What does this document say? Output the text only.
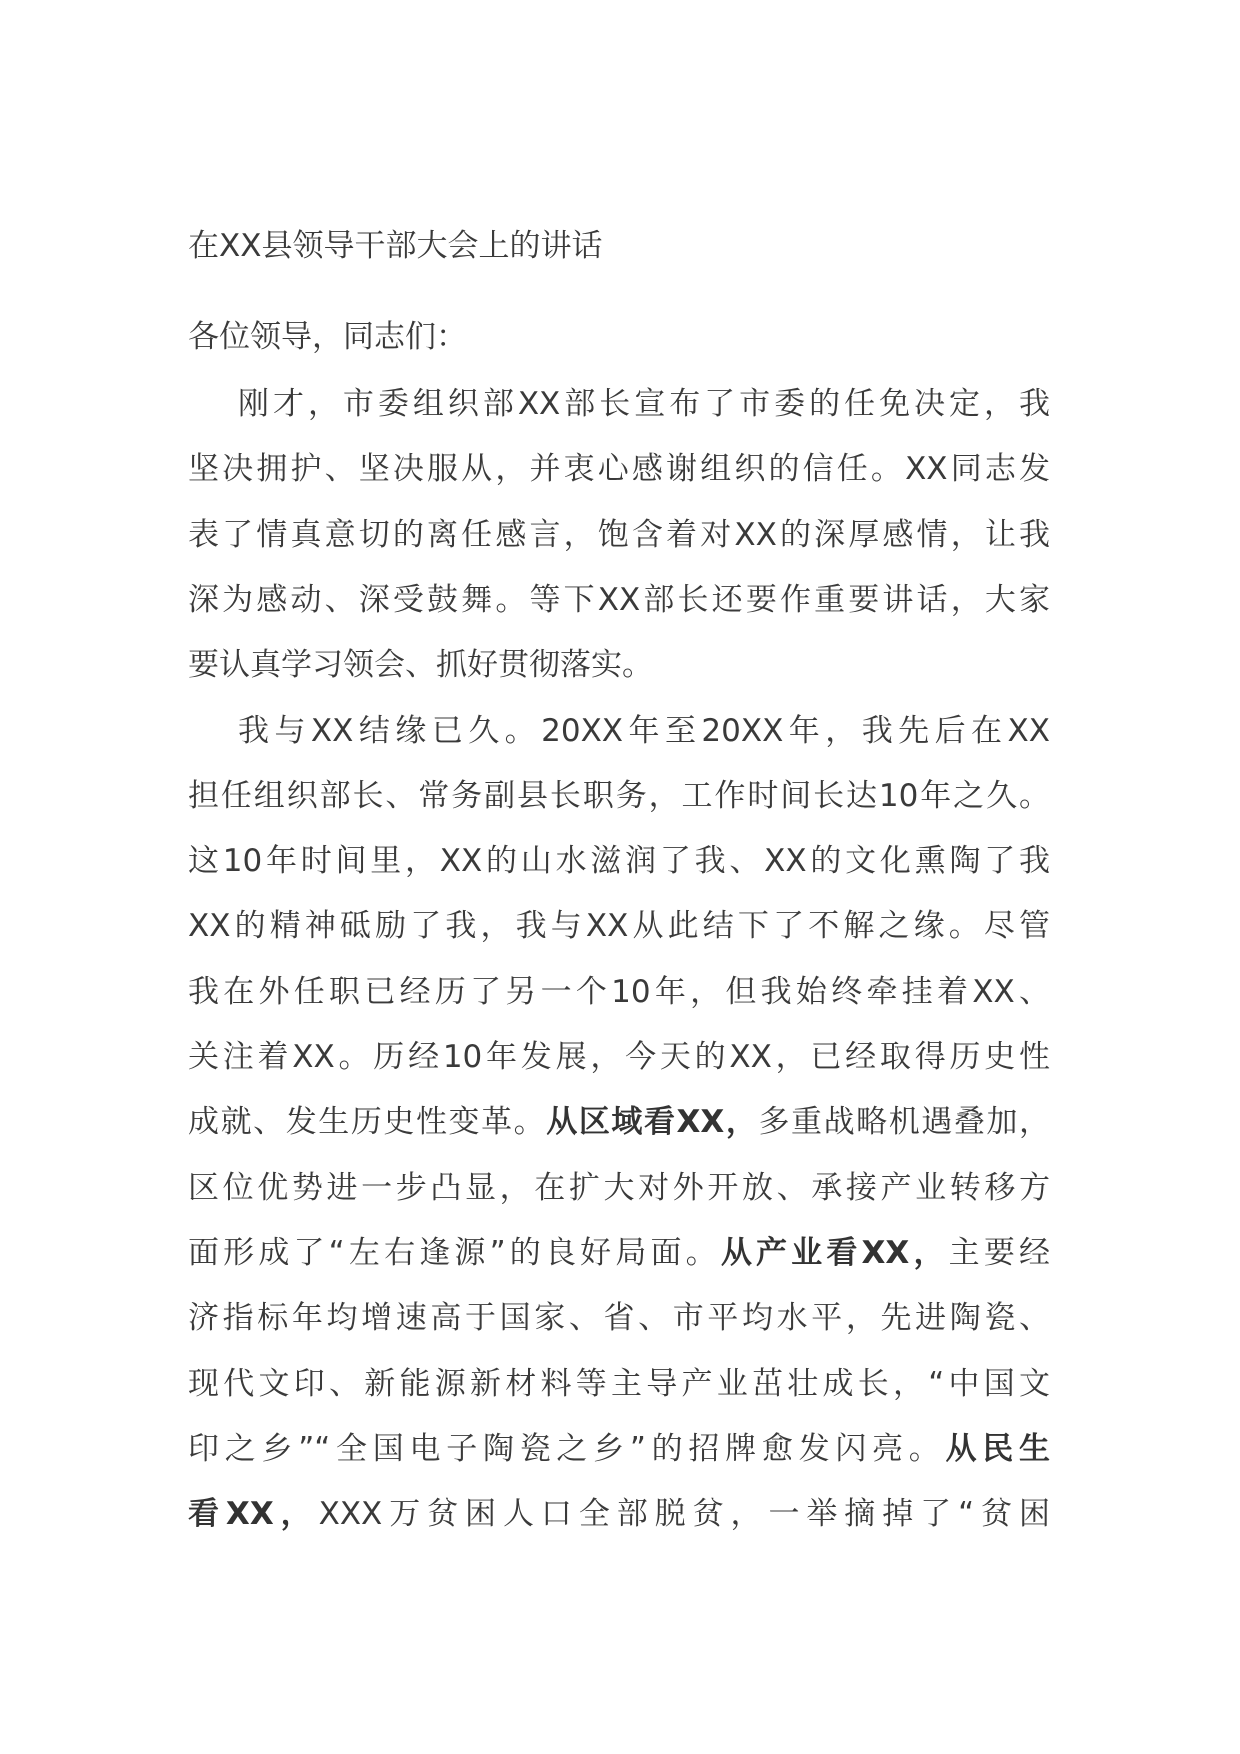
在XX县领导干部大会上的讲话
各位领导，同志们：
刚才，市委组织部XX部长宣布了市委的任免决定，我
坚决拥护、坚决服从，并衷心感谢组织的信任。XX同志发
表了情真意切的离任感言，饱含着对XX的深厚感情，让我
深为感动、深受鼓舞。等下XX部长还要作重要讲话，大家
要认真学习领会、抓好贯彻落实。
我与XX结缘已久。20XX年至20XX年，我先后在XX
担任组织部长、常务副县长职务，工作时间长达10年之久。
这10年时间里，XX的山水滋润了我、XX的文化熏陶了我
XX的精神砥励了我，我与XX从此结下了不解之缘。尽管
我在外任职已经历了另一个10年，但我始终牵挂着XX、
关注着XX。历经10年发展，今天的XX，已经取得历史性
成就、发生历史性变革。从区域看XX，多重战略机遇叠加，
区位优势进一步凸显，在扩大对外开放、承接产业转移方
面形成了“左右逢源”的良好局面。从产业看XX，主要经
济指标年均增速高于国家、省、市平均水平，先进陶瓷、
现代文印、新能源新材料等主导产业茁壮成长，“中国文
印之乡”“全国电子陶瓷之乡”的招牌愈发闪亮。从民生
看XX，XXX万贫困人口全部脱贫，一举摘掉了“贫困
